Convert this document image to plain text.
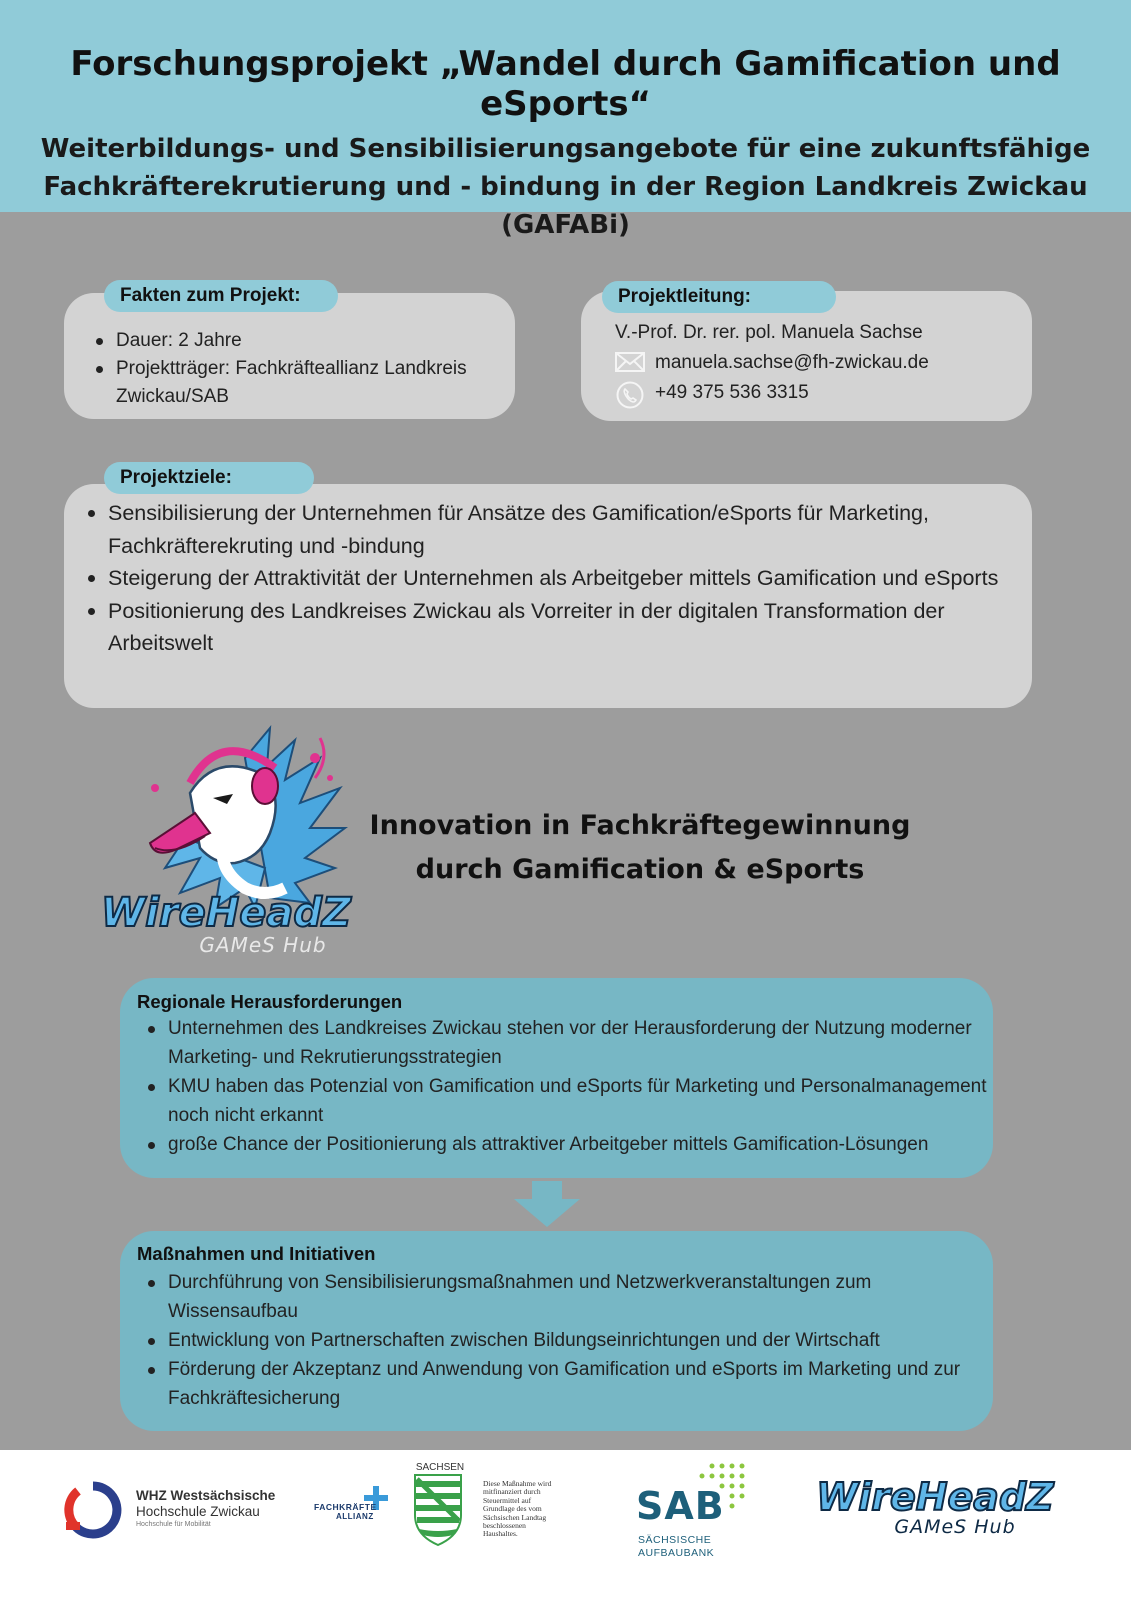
Forschungsprojekt „Wandel durch Gamification und eSports“
Weiterbildungs- und Sensibilisierungsangebote für eine zukunftsfähige
Fachkräfterekrutierung und - bindung in der Region Landkreis Zwickau
(GAFABi)
Dauer: 2 Jahre
Projektträger: Fachkräfteallianz Landkreis Zwickau/SAB
Fakten zum Projekt:
V.-Prof. Dr. rer. pol. Manuela Sachse
manuela.sachse@fh-zwickau.de
+49 375 536 3315
Projektleitung:
Sensibilisierung der Unternehmen für Ansätze des Gamification/eSports für Marketing, Fachkräfterekruting und -bindung
Steigerung der Attraktivität der Unternehmen als Arbeitgeber mittels Gamification und eSports
Positionierung des Landkreises Zwickau als Vorreiter in der digitalen Transformation der Arbeitswelt
Projektziele:
WireHeadZ
GAMeS Hub
Innovation in Fachkräftegewinnung
durch Gamification & eSports
Regionale Herausforderungen
Unternehmen des Landkreises Zwickau stehen vor der Herausforderung der Nutzung moderner Marketing- und Rekrutierungsstrategien
KMU haben das Potenzial von Gamification und eSports für Marketing und Personalmanagement noch nicht erkannt
große Chance der Positionierung als attraktiver Arbeitgeber mittels Gamification-Lösungen
Maßnahmen und Initiativen
Durchführung von Sensibilisierungsmaßnahmen und Netzwerkveranstaltungen zum Wissensaufbau
Entwicklung von Partnerschaften zwischen Bildungseinrichtungen und der Wirtschaft
Förderung der Akzeptanz und Anwendung von Gamification und eSports im Marketing und zur Fachkräftesicherung
WHZ Westsächsische
Hochschule Zwickau
Hochschule für Mobilität
FACHKRÄFTE
ALLIANZ
SACHSEN
Diese Maßnahme wird mitfinanziert durch Steuermittel auf Grundlage des vom Sächsischen Landtag beschlossenen Haushaltes.
SAB
SÄCHSISCHE
AUFBAUBANK
WireHeadZ
GAMeS Hub
